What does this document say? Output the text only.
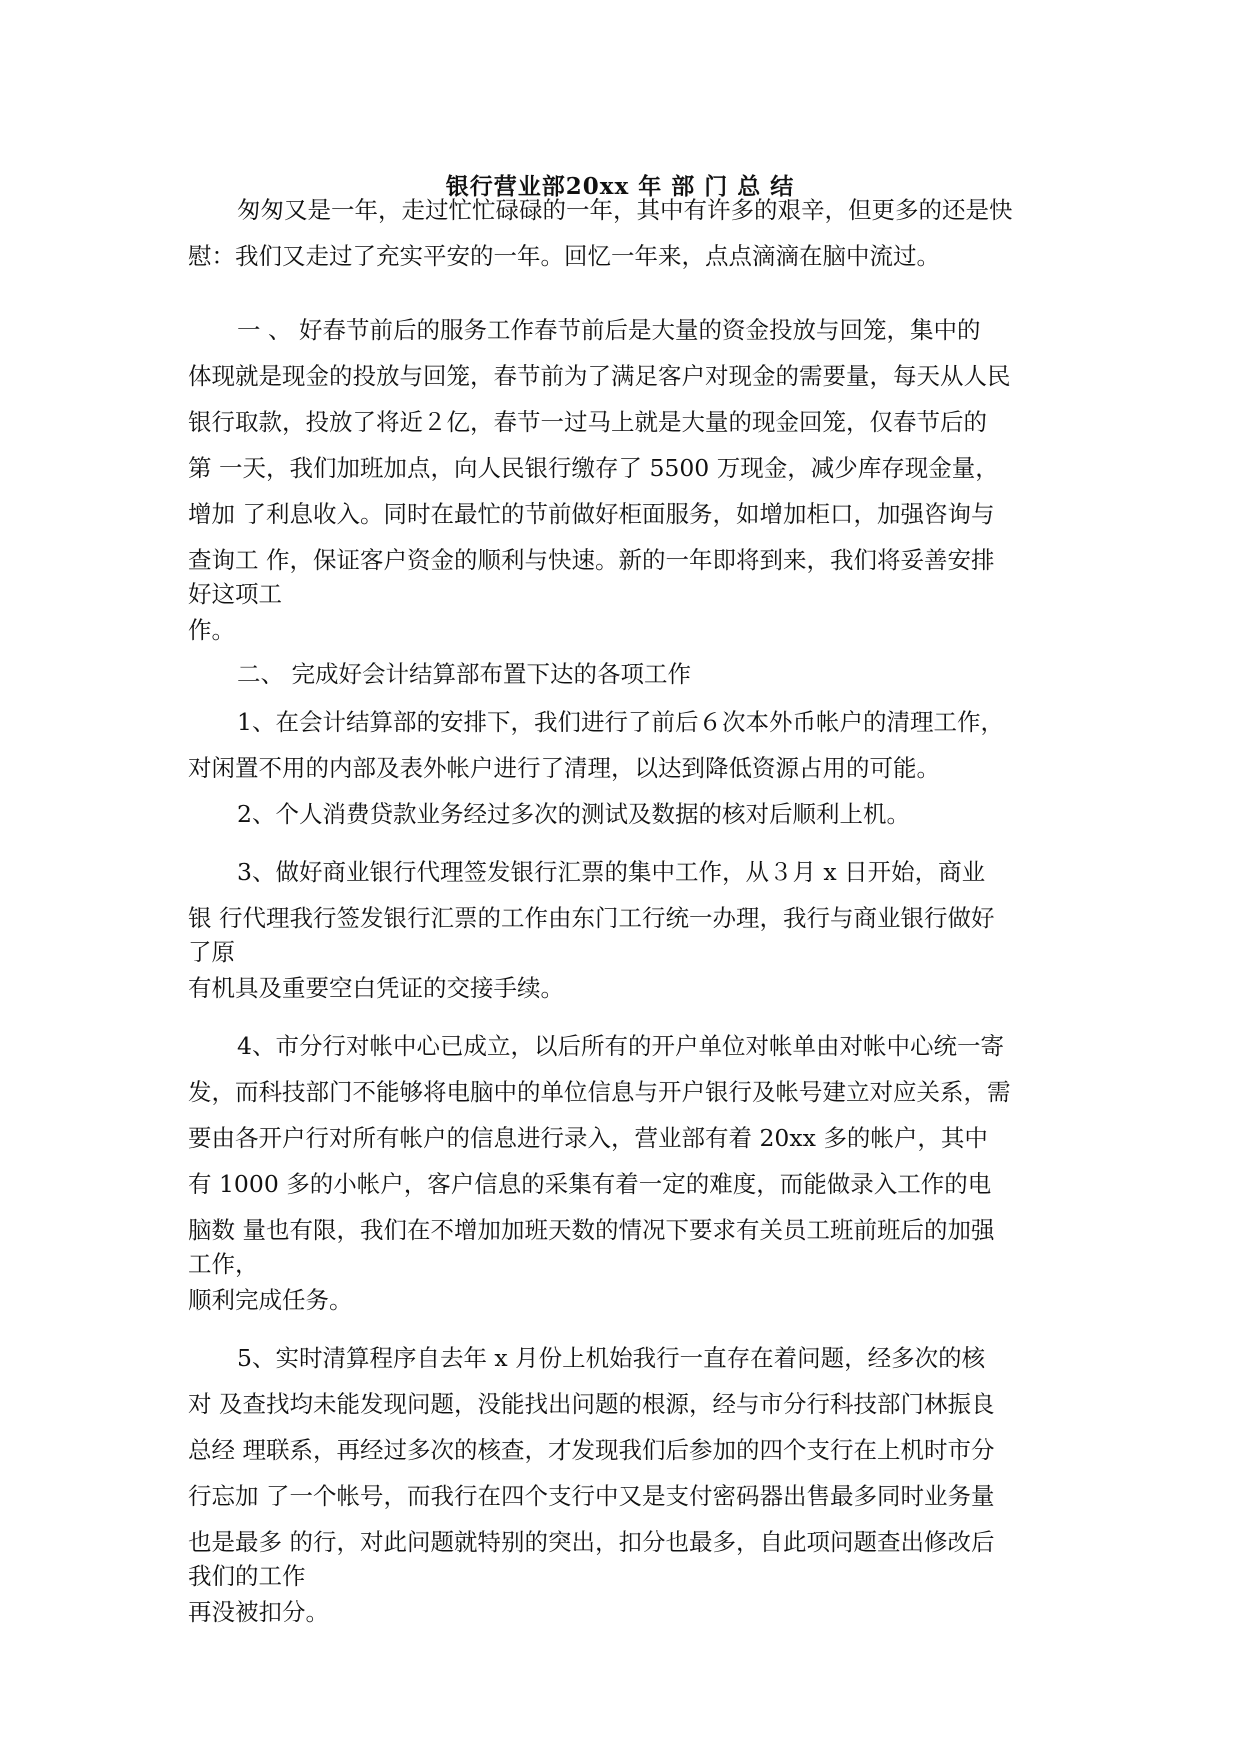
银行营业部20xx 年 部 门 总 结

匆匆又是一年，走过忙忙碌碌的一年，其中有许多的艰辛，但更多的还是快

慰：我们又走过了充实平安的一年。回忆一年来，点点滴滴在脑中流过。

一 、 好春节前后的服务工作春节前后是大量的资金投放与回笼，集中的

体现就是现金的投放与回笼，春节前为了满足客户对现金的需要量，每天从人民

银行取款，投放了将近２亿，春节一过马上就是大量的现金回笼，仅春节后的

第 一天，我们加班加点，向人民银行缴存了 5500 万现金，减少库存现金量，

增加 了利息收入。同时在最忙的节前做好柜面服务，如增加柜口，加强咨询与

查询工 作，保证客户资金的顺利与快速。新的一年即将到来，我们将妥善安排

好这项工

作。

二、 完成好会计结算部布置下达的各项工作

1、在会计结算部的安排下，我们进行了前后６次本外币帐户的清理工作，

对闲置不用的内部及表外帐户进行了清理，以达到降低资源占用的可能。

2、个人消费贷款业务经过多次的测试及数据的核对后顺利上机。

3、做好商业银行代理签发银行汇票的集中工作，从３月 x 日开始，商业

银 行代理我行签发银行汇票的工作由东门工行统一办理，我行与商业银行做好

了原

有机具及重要空白凭证的交接手续。

4、市分行对帐中心已成立，以后所有的开户单位对帐单由对帐中心统一寄

发，而科技部门不能够将电脑中的单位信息与开户银行及帐号建立对应关系，需

要由各开户行对所有帐户的信息进行录入，营业部有着 20xx 多的帐户，其中

有 1000 多的小帐户，客户信息的采集有着一定的难度，而能做录入工作的电

脑数 量也有限，我们在不增加加班天数的情况下要求有关员工班前班后的加强

工作，

顺利完成任务。

5、实时清算程序自去年 x 月份上机始我行一直存在着问题，经多次的核

对 及查找均未能发现问题，没能找出问题的根源，经与市分行科技部门林振良

总经 理联系，再经过多次的核查，才发现我们后参加的四个支行在上机时市分

行忘加 了一个帐号，而我行在四个支行中又是支付密码器出售最多同时业务量

也是最多 的行，对此问题就特别的突出，扣分也最多，自此项问题查出修改后

我们的工作

再没被扣分。
